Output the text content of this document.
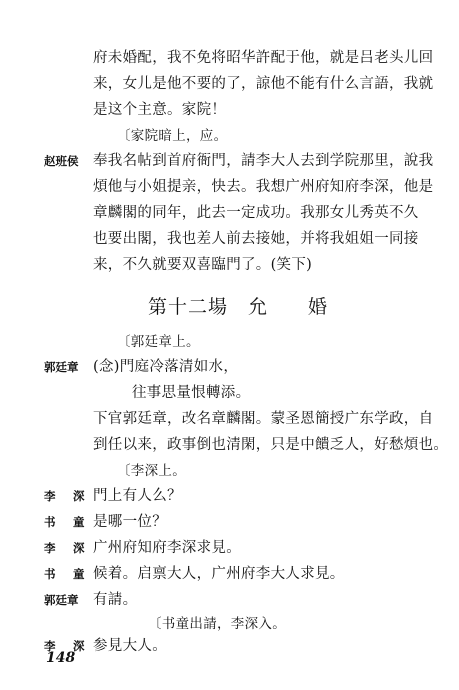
府未婚配，我不免将昭华許配于他，就是吕老头儿回
来，女儿是他不要的了，諒他不能有什么言語，我就
是这个主意。家院！
〔家院暗上，应。
赵班侯 奉我名帖到首府衙門，請李大人去到学院那里，說我
煩他与小姐提亲，快去。我想广州府知府李深，他是
章麟閣的同年，此去一定成功。我那女儿秀英不久
也要出閣，我也差人前去接她，并将我姐姐一同接
来，不久就要双喜臨門了。(笑下)
第十二場　允　　婚
〔郭廷章上。
郭廷章 (念)門庭冷落清如水，
往事思量恨轉添。
下官郭廷章，改名章麟閣。蒙圣恩簡授广东学政，自
到任以来，政事倒也清閑，只是中饋乏人，好愁煩也。
〔李深上。
李　深 門上有人么？
书　童 是哪一位？
李　深 广州府知府李深求見。
书　童 候着。启禀大人，广州府李大人求見。
郭廷章 有請。
〔书童出請，李深入。
李　深 参見大人。
148
